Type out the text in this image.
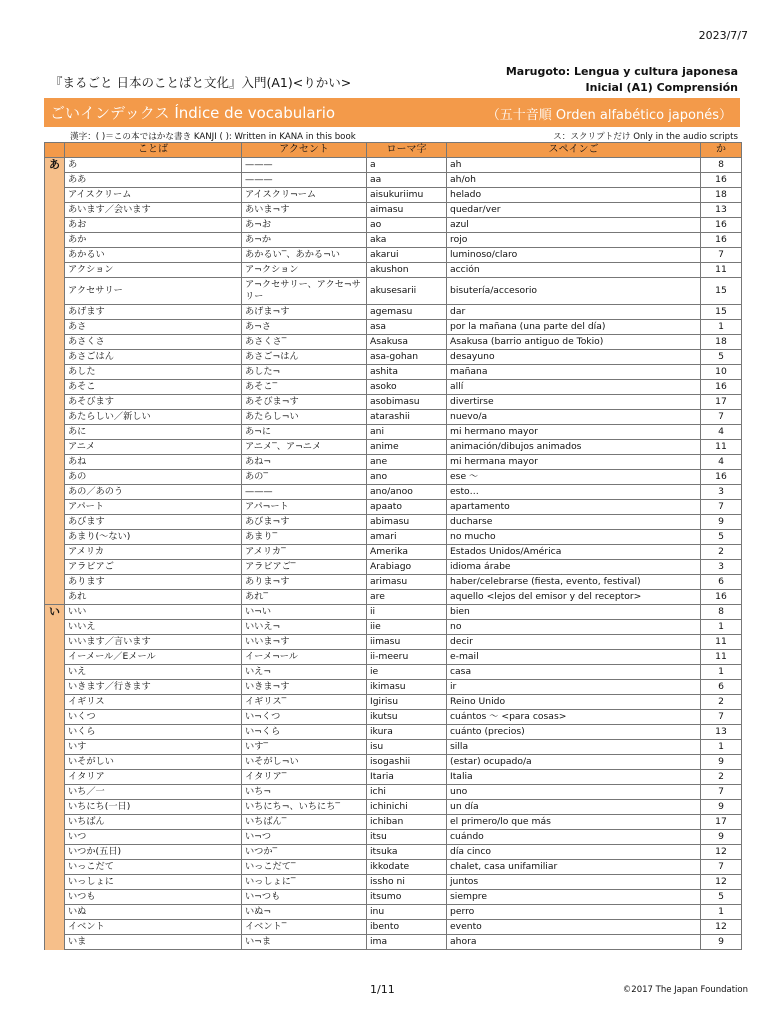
2023/7/7
『まるごと 日本のことばと文化』入門(A1)<りかい>
Marugoto: Lengua y cultura japonesa
Inicial (A1) Comprensión
ごいインデックス Índice de vocabulario	（五十音順 Orden alfabético japonés）
漢字：( )＝この本ではかな書き KANJI ( ): Written in KANA in this book	ス：スクリプトだけ Only in the audio scripts
	ことば	アクセント	ローマ字	スペインご	か
あ	あ	———	a	ah	8
	ああ	———	aa	ah/oh	16
	アイスクリーム	アイスクリ¬ーム	aisukuriimu	helado	18
	あいます／会います	あいま¬す	aimasu	quedar/ver	13
	あお	あ¬お	ao	azul	16
	あか	あ¬か	aka	rojo	16
	あかるい	あかるい‾、あかる¬い	akarui	luminoso/claro	7
	アクション	ア¬クション	akushon	acción	11
	アクセサリー	ア¬クセサリー、アクセ¬サリー	akusesarii	bisutería/accesorio	15
	あげます	あげま¬す	agemasu	dar	15
	あさ	あ¬さ	asa	por la mañana (una parte del día)	1
	あさくさ	あさくさ‾	Asakusa	Asakusa (barrio antiguo de Tokio)	18
	あさごはん	あさご¬はん	asa-gohan	desayuno	5
	あした	あした¬	ashita	mañana	10
	あそこ	あそこ‾	asoko	allí	16
	あそびます	あそびま¬す	asobimasu	divertirse	17
	あたらしい／新しい	あたらし¬い	atarashii	nuevo/a	7
	あに	あ¬に	ani	mi hermano mayor	4
	アニメ	アニメ‾、ア¬ニメ	anime	animación/dibujos animados	11
	あね	あね¬	ane	mi hermana mayor	4
	あの	あの‾	ano	ese ～	16
	あの／あのう	———	ano/anoo	esto…	3
	アパート	アパ¬ート	apaato	apartamento	7
	あびます	あびま¬す	abimasu	ducharse	9
	あまり(～ない)	あまり‾	amari	no mucho	5
	アメリカ	アメリカ‾	Amerika	Estados Unidos/América	2
	アラビアご	アラビアご‾	Arabiago	idioma árabe	3
	あります	ありま¬す	arimasu	haber/celebrarse (fiesta, evento, festival)	6
	あれ	あれ‾	are	aquello <lejos del emisor y del receptor>	16
い	いい	い¬い	ii	bien	8
	いいえ	いいえ¬	iie	no	1
	いいます／言います	いいま¬す	iimasu	decir	11
	イーメール／Eメール	イーメ¬ール	ii-meeru	e-mail	11
	いえ	いえ¬	ie	casa	1
	いきます／行きます	いきま¬す	ikimasu	ir	6
	イギリス	イギリス‾	Igirisu	Reino Unido	2
	いくつ	い¬くつ	ikutsu	cuántos ～ <para cosas>	7
	いくら	い¬くら	ikura	cuánto (precios)	13
	いす	いす‾	isu	silla	1
	いそがしい	いそがし¬い	isogashii	(estar) ocupado/a	9
	イタリア	イタリア‾	Itaria	Italia	2
	いち／一	いち¬	ichi	uno	7
	いちにち(一日)	いちにち¬、いちにち‾	ichinichi	un día	9
	いちばん	いちばん‾	ichiban	el primero/lo que más	17
	いつ	い¬つ	itsu	cuándo	9
	いつか(五日)	いつか‾	itsuka	día cinco	12
	いっこだて	いっこだて‾	ikkodate	chalet, casa unifamiliar	7
	いっしょに	いっしょに‾	issho ni	juntos	12
	いつも	い¬つも	itsumo	siempre	5
	いぬ	いぬ¬	inu	perro	1
	イベント	イベント‾	ibento	evento	12
	いま	い¬ま	ima	ahora	9
1/11	©2017 The Japan Foundation
